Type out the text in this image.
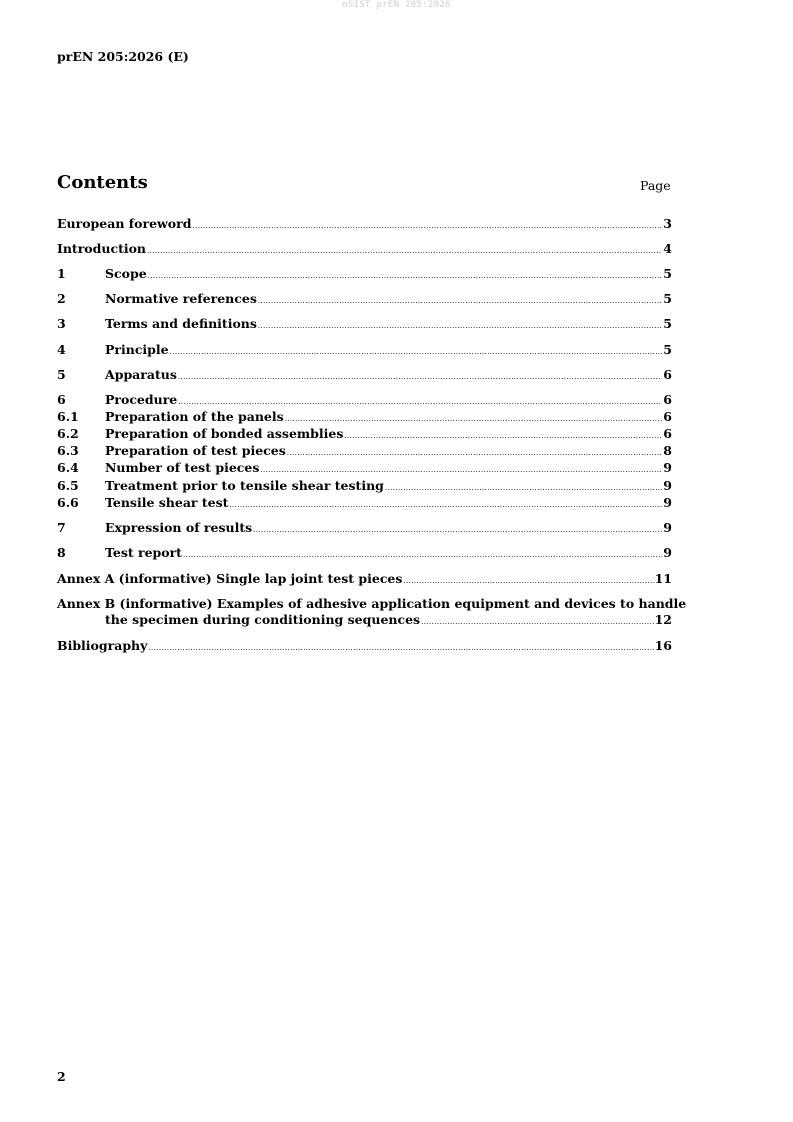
oSIST prEN 205:2026
prEN 205:2026 (E)
Contents	Page
European foreword .....	3
Introduction .....	4
1	Scope .....	5
2	Normative references .....	5
3	Terms and definitions .....	5
4	Principle .....	5
5	Apparatus .....	6
6	Procedure .....	6
6.1	Preparation of the panels .....	6
6.2	Preparation of bonded assemblies .....	6
6.3	Preparation of test pieces .....	8
6.4	Number of test pieces .....	9
6.5	Treatment prior to tensile shear testing .....	9
6.6	Tensile shear test .....	9
7	Expression of results .....	9
8	Test report .....	9
Annex A (informative) Single lap joint test pieces .....	11
Annex B (informative) Examples of adhesive application equipment and devices to handle
the specimen during conditioning sequences .....	12
Bibliography .....	16
2
